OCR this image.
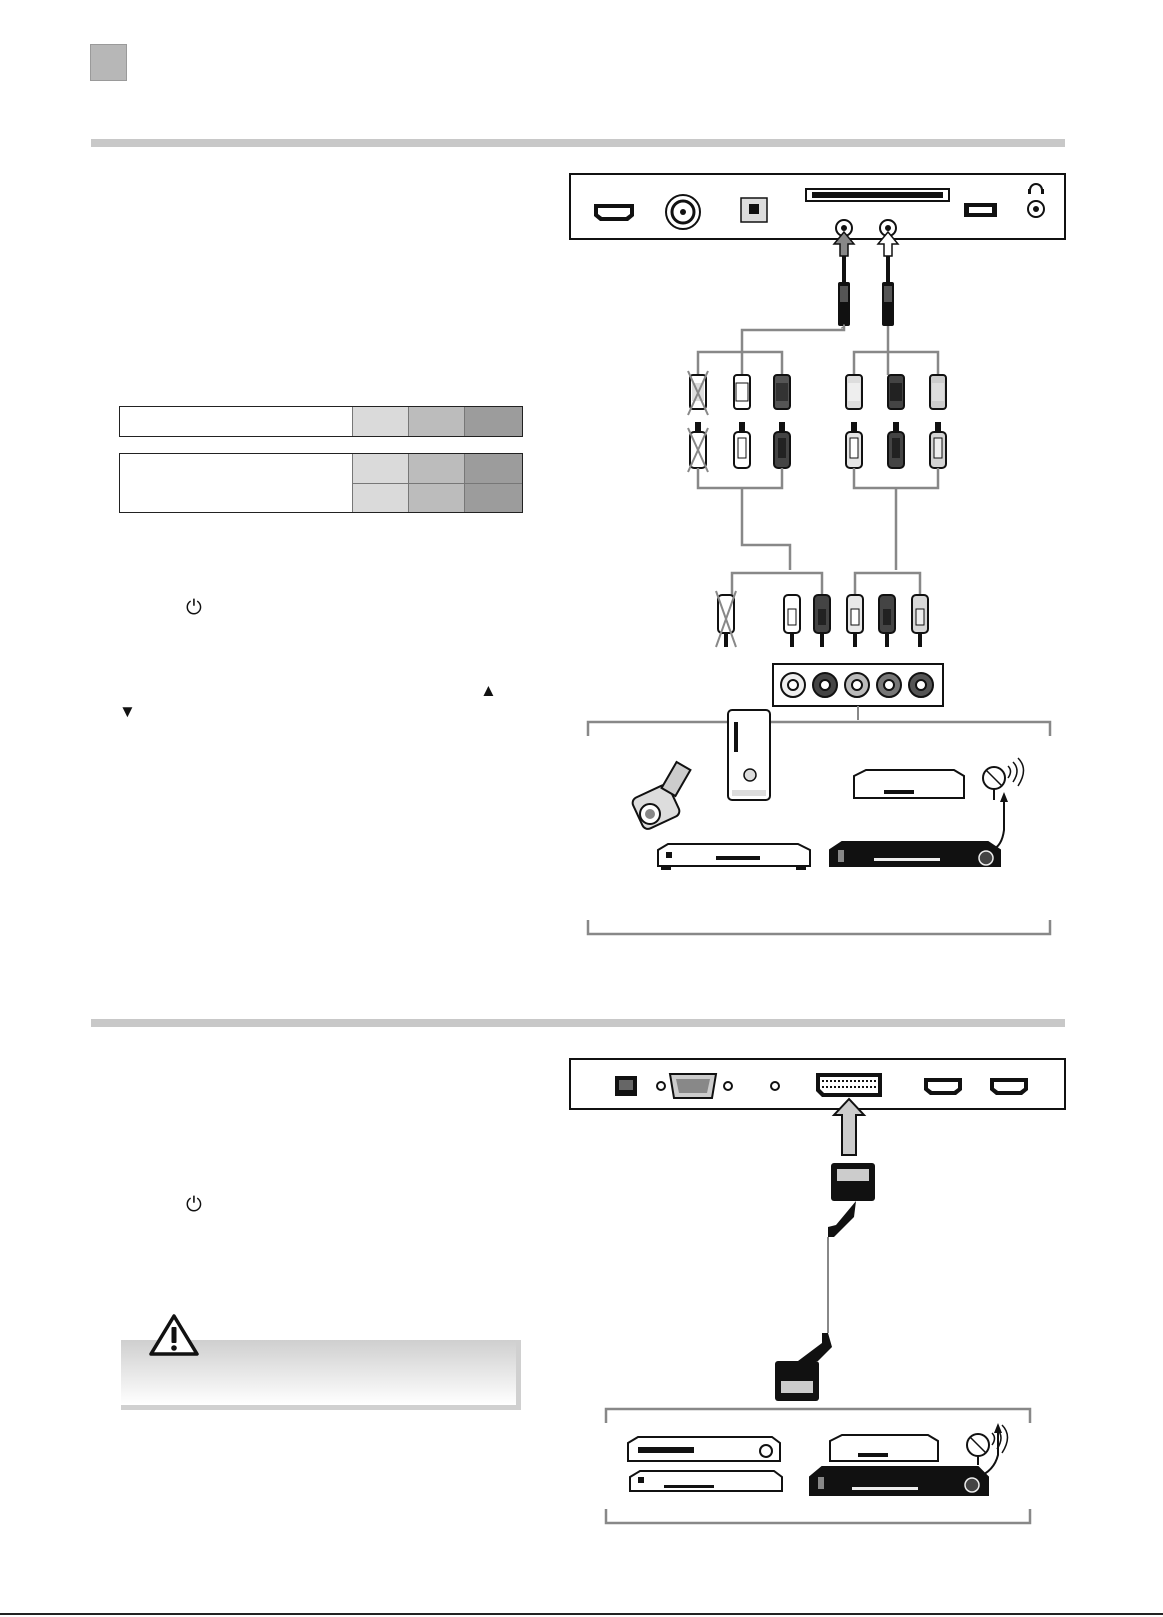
⏻
▲
▼
⏻
